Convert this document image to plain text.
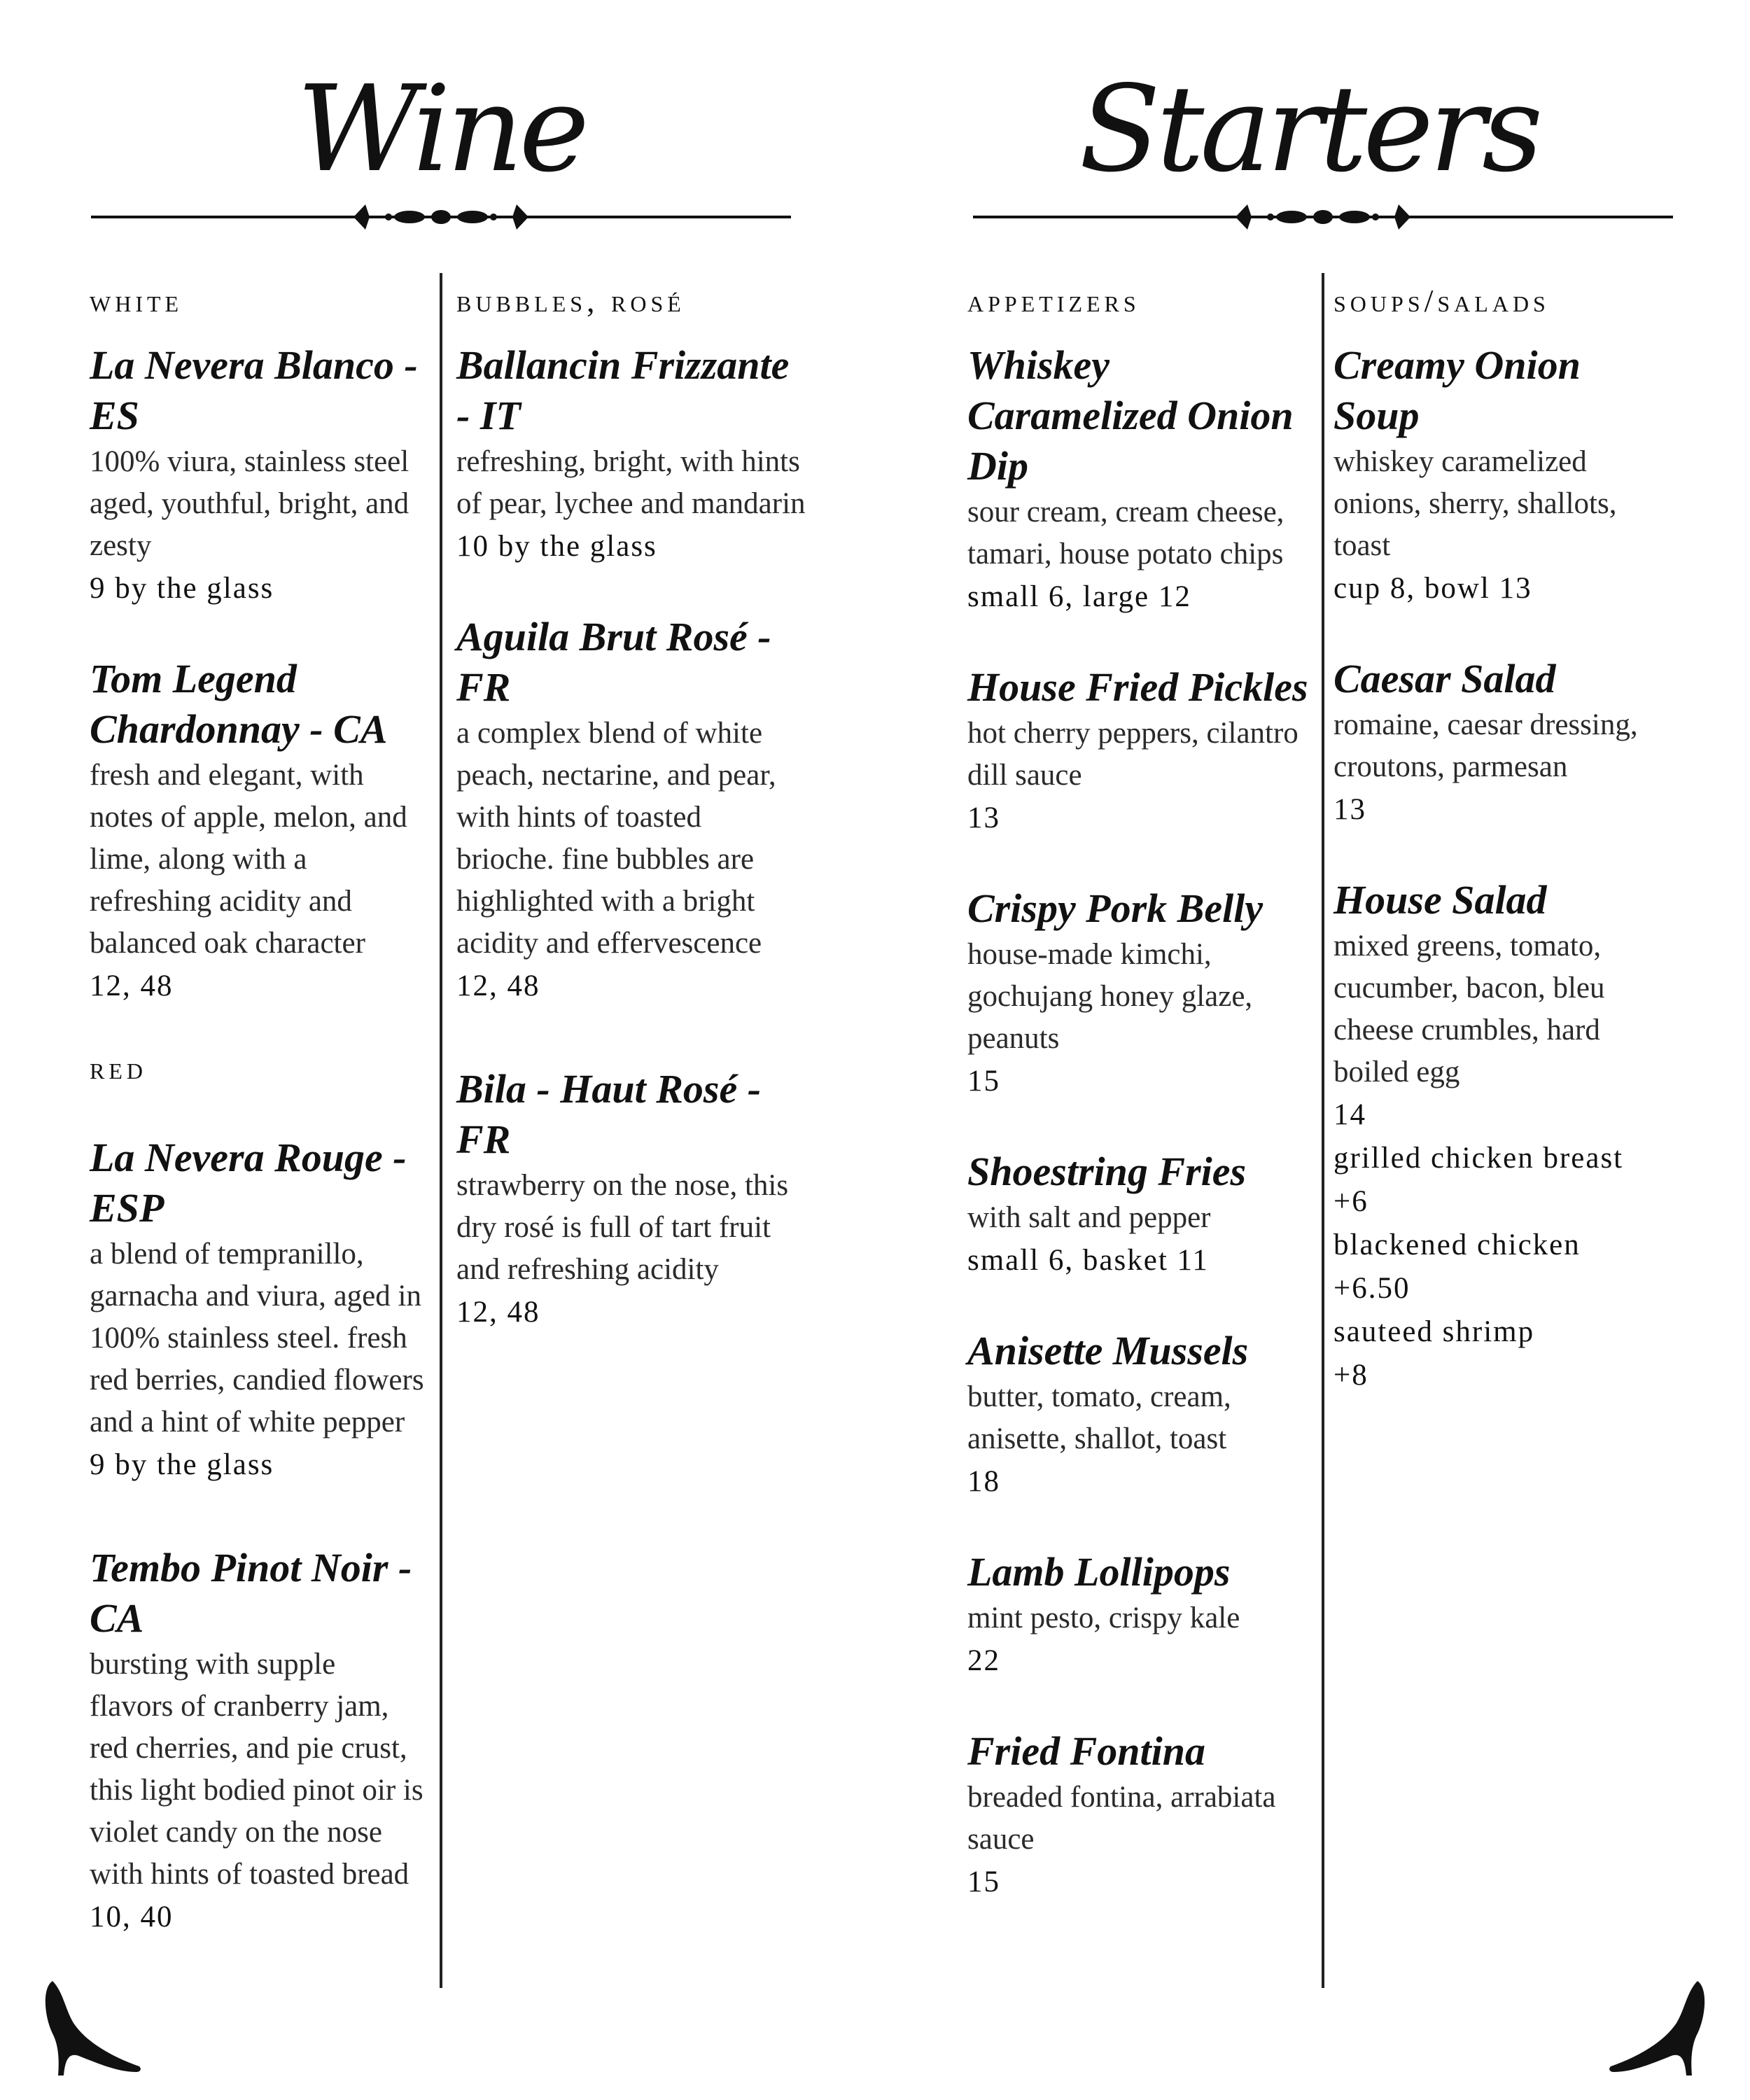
Wine	Starters
white
La Nevera Blanco - ES
100% viura, stainless steel aged, youthful, bright, and zesty
9 by the glass
Tom Legend Chardonnay - CA
fresh and elegant, with notes of apple, melon, and lime, along with a refreshing acidity and balanced oak character
12, 48
red
La Nevera Rouge - ESP
a blend of tempranillo, garnacha and viura, aged in 100% stainless steel. fresh red berries, candied flowers and a hint of white pepper
9 by the glass
Tembo Pinot Noir - CA
bursting with supple flavors of cranberry jam, red cherries, and pie crust, this light bodied pinot oir is violet candy on the nose with hints of toasted bread
10, 40
bubbles, rosé
Ballancin Frizzante - IT
refreshing, bright, with hints of pear, lychee and mandarin
10 by the glass
Aguila Brut Rosé - FR
a complex blend of white peach, nectarine, and pear, with hints of toasted brioche. fine bubbles are highlighted with a bright acidity and effervescence
12, 48
Bila - Haut Rosé - FR
strawberry on the nose, this dry rosé is full of tart fruit and refreshing acidity
12, 48
appetizers
Whiskey Caramelized Onion Dip
sour cream, cream cheese, tamari, house potato chips
small 6, large 12
House Fried Pickles
hot cherry peppers, cilantro dill sauce
13
Crispy Pork Belly
house-made kimchi, gochujang honey glaze, peanuts
15
Shoestring Fries
with salt and pepper
small 6, basket 11
Anisette Mussels
butter, tomato, cream, anisette, shallot, toast
18
Lamb Lollipops
mint pesto, crispy kale
22
Fried Fontina
breaded fontina, arrabiata sauce
15
soups/salads
Creamy Onion Soup
whiskey caramelized onions, sherry, shallots, toast
cup 8, bowl 13
Caesar Salad
romaine, caesar dressing, croutons, parmesan
13
House Salad
mixed greens, tomato, cucumber, bacon, bleu cheese crumbles, hard boiled egg
14
grilled chicken breast
+6
blackened chicken
+6.50
sauteed shrimp
+8
